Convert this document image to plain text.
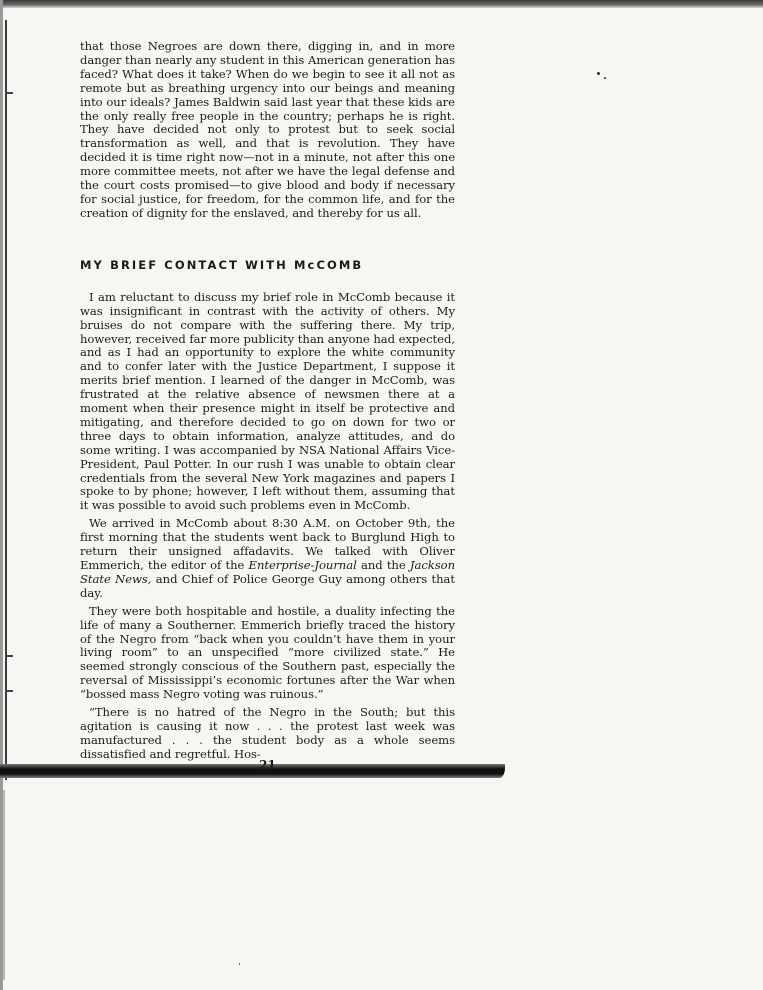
that those Negroes are down there, digging in, and in more danger than nearly any student in this American generation has faced? What does it take? When do we begin to see it all not as remote but as breathing urgency into our beings and meaning into our ideals? James Baldwin said last year that these kids are the only really free people in the country; perhaps he is right. They have decided not only to protest but to seek social transformation as well, and that is revolution. They have decided it is time right now—not in a minute, not after this one more committee meets, not after we have the legal defense and the court costs promised—to give blood and body if necessary for social justice, for freedom, for the common life, and for the creation of dignity for the enslaved, and thereby for us all.

MY BRIEF CONTACT WITH McCOMB

I am reluctant to discuss my brief role in McComb because it was insignificant in contrast with the activity of others. My bruises do not compare with the suffering there. My trip, however, received far more publicity than anyone had expected, and as I had an opportunity to explore the white community and to confer later with the Justice Department, I suppose it merits brief mention. I learned of the danger in McComb, was frustrated at the relative absence of newsmen there at a moment when their presence might in itself be protective and mitigating, and therefore decided to go on down for two or three days to obtain information, analyze attitudes, and do some writing. I was accompanied by NSA National Affairs Vice-President, Paul Potter. In our rush I was unable to obtain clear credentials from the several New York magazines and papers I spoke to by phone; however, I left without them, assuming that it was possible to avoid such problems even in McComb.

We arrived in McComb about 8:30 A.M. on October 9th, the first morning that the students went back to Burglund High to return their unsigned affadavits. We talked with Oliver Emmerich, the editor of the Enterprise-Journal and the Jackson State News, and Chief of Police George Guy among others that day.

They were both hospitable and hostile, a duality infecting the life of many a Southerner. Emmerich briefly traced the history of the Negro from “back when you couldn’t have them in your living room” to an unspecified “more civilized state.” He seemed strongly conscious of the Southern past, especially the reversal of Mississippi’s economic fortunes after the War when “bossed mass Negro voting was ruinous.”

“There is no hatred of the Negro in the South; but this agitation is causing it now . . . the protest last week was manufactured . . . the student body as a whole seems dissatisfied and regretful. Hos-

21
